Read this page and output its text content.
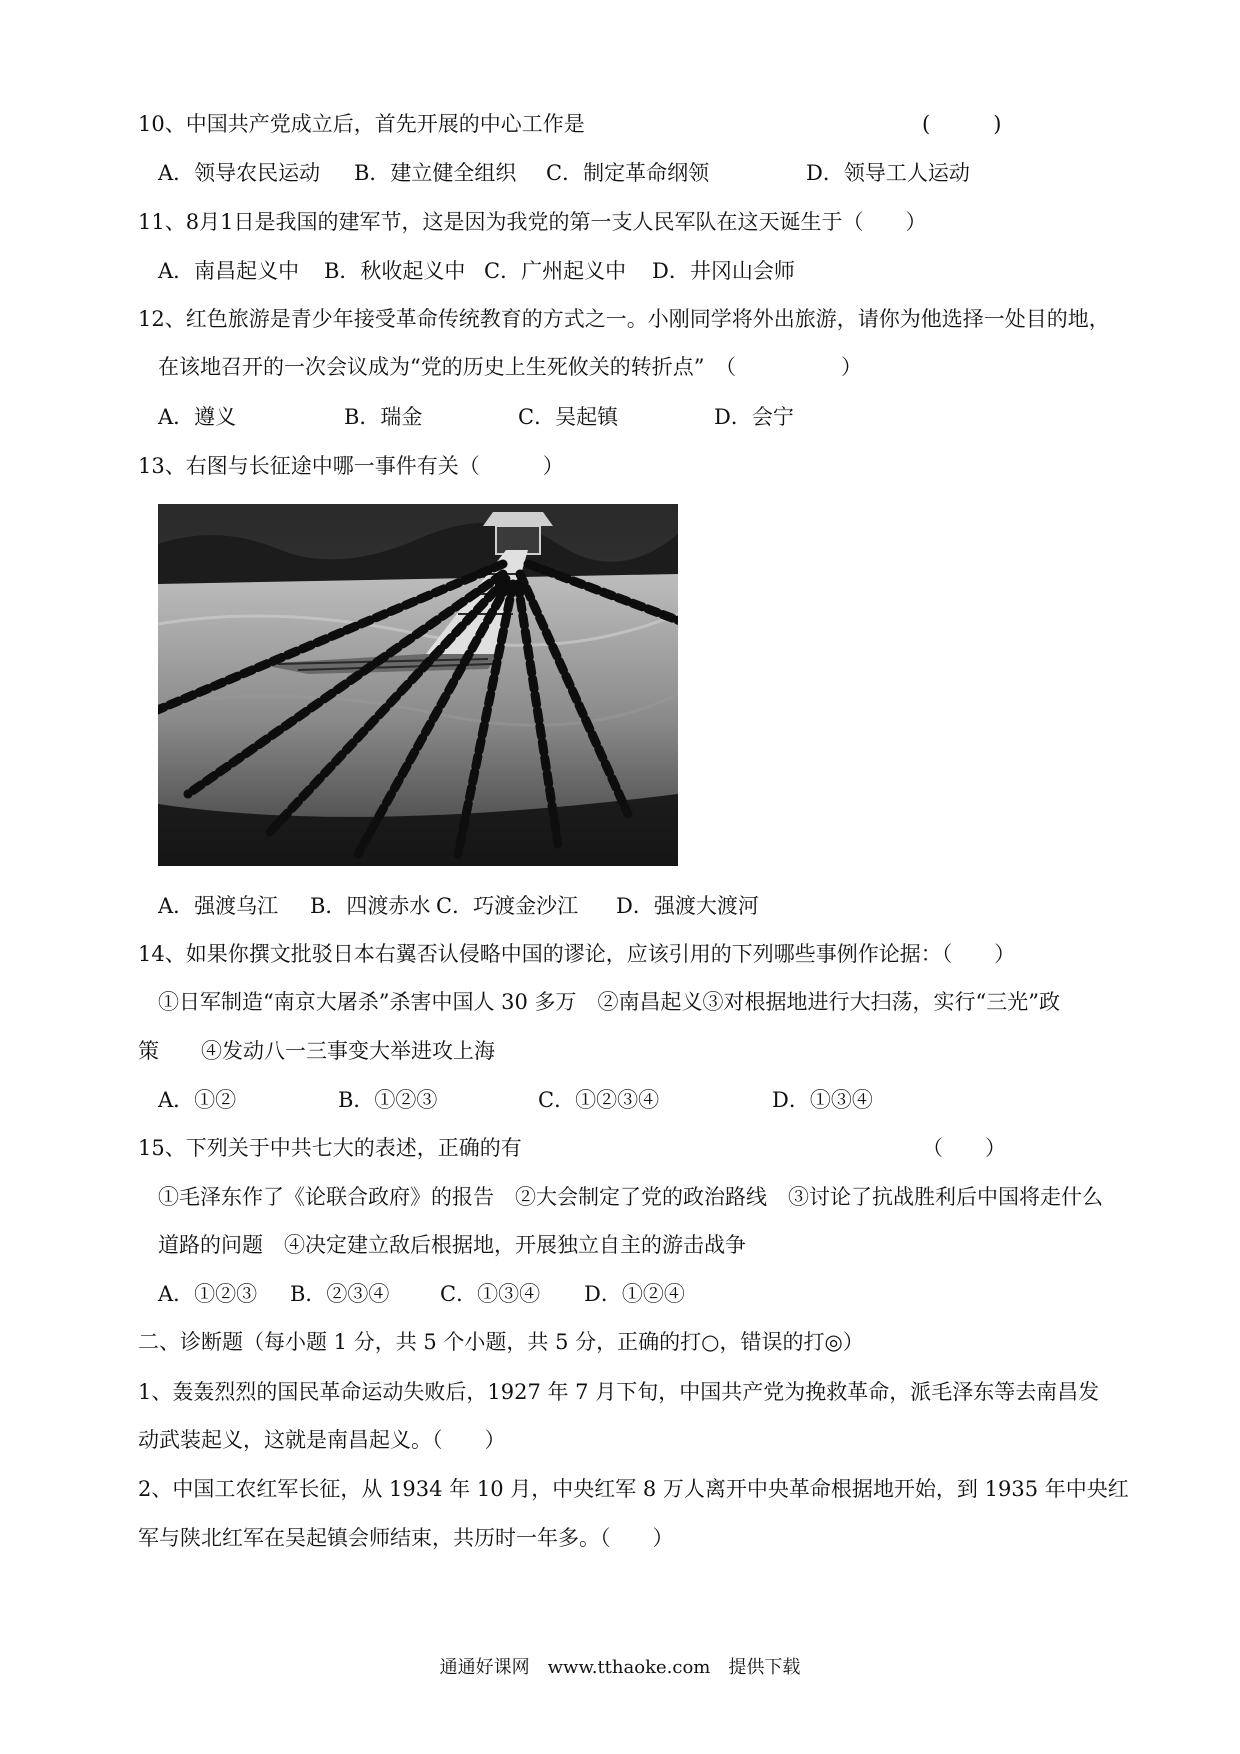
10、中国共产党成立后，首先开展的中心工作是	(　　　)
A．领导农民运动 B．建立健全组织 C．制定革命纲领	D．领导工人运动
11、8月1日是我国的建军节，这是因为我党的第一支人民军队在这天诞生于（　　）
A．南昌起义中 B．秋收起义中 C．广州起义中 D．井冈山会师
12、红色旅游是青少年接受革命传统教育的方式之一。小刚同学将外出旅游，请你为他选择一处目的地，
在该地召开的一次会议成为“党的历史上生死攸关的转折点”　（　　　　　）
A．遵义	B．瑞金	C．吴起镇	D．会宁
13、右图与长征途中哪一事件有关（　　　）
A．强渡乌江 B．四渡赤水 C．巧渡金沙江 D．强渡大渡河
14、如果你撰文批驳日本右翼否认侵略中国的谬论，应该引用的下列哪些事例作论据：（　　）
①日军制造“南京大屠杀”杀害中国人 30 多万　②南昌起义③对根据地进行大扫荡，实行“三光”政
策　　④发动八一三事变大举进攻上海
A．①②	B．①②③	C．①②③④	D．①③④
15、下列关于中共七大的表述，正确的有	（　　）
①毛泽东作了《论联合政府》的报告　②大会制定了党的政治路线　③讨论了抗战胜利后中国将走什么
道路的问题　④决定建立敌后根据地，开展独立自主的游击战争
A．①②③ B．②③④ C．①③④ D．①②④
二、诊断题（每小题 1 分，共 5 个小题，共 5 分，正确的打○，错误的打◎）
1、轰轰烈烈的国民革命运动失败后，1927 年 7 月下旬，中国共产党为挽救革命，派毛泽东等去南昌发
动武装起义，这就是南昌起义。（　　）
2、中国工农红军长征，从 1934 年 10 月，中央红军 8 万人离开中央革命根据地开始，到 1935 年中央红
军与陕北红军在吴起镇会师结束，共历时一年多。（　　）
通通好课网　www.tthaoke.com　提供下载
